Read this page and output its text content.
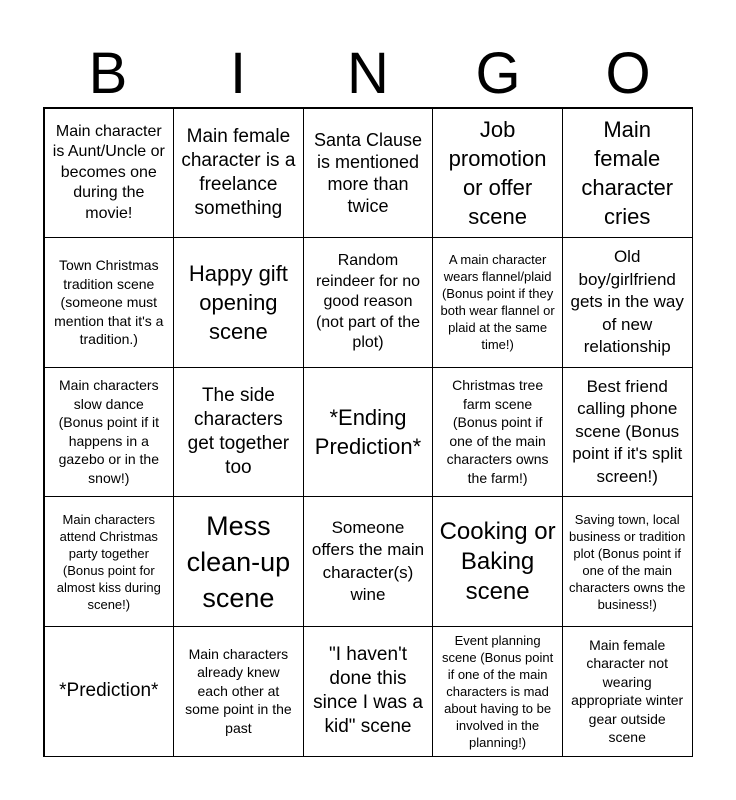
B	I	N	G	O
Main character is Aunt/Uncle or becomes one during the movie!
Main female character is a freelance something
Santa Clause is mentioned more than twice
Job promotion or offer scene
Main female character cries
Town Christmas tradition scene (someone must mention that it's a tradition.)
Happy gift opening scene
Random reindeer for no good reason (not part of the plot)
A main character wears flannel/plaid (Bonus point if they both wear flannel or plaid at the same time!)
Old boy/girlfriend gets in the way of new relationship
Main characters slow dance (Bonus point if it happens in a gazebo or in the snow!)
The side characters get together too
*Ending Prediction*
Christmas tree farm scene (Bonus point if one of the main characters owns the farm!)
Best friend calling phone scene (Bonus point if it's split screen!)
Main characters attend Christmas party together (Bonus point for almost kiss during scene!)
Mess clean-up scene
Someone offers the main character(s) wine
Cooking or Baking scene
Saving town, local business or tradition plot (Bonus point if one of the main characters owns the business!)
*Prediction*
Main characters already knew each other at some point in the past
"I haven't done this since I was a kid" scene
Event planning scene (Bonus point if one of the main characters is mad about having to be involved in the planning!)
Main female character not wearing appropriate winter gear outside scene
